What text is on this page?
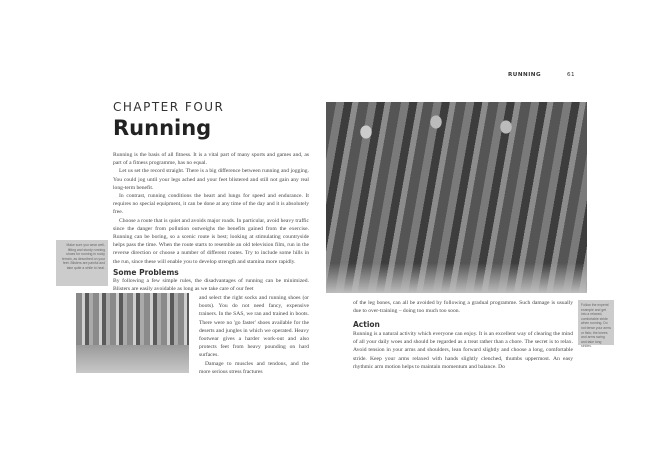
RUNNING	61
CHAPTER FOUR
Running

Running is the basis of all fitness. It is a vital part of many sports and games and, as part of a fitness programme, has no equal.

Let us set the record straight. There is a big difference between running and jogging. You could jog until your legs ached and your feet blistered and still not gain any real long-term benefit.

In contrast, running conditions the heart and lungs for speed and endurance. It requires no special equipment, it can be done at any time of the day and it is absolutely free.

Choose a route that is quiet and avoids major roads. In particular, avoid heavy traffic since the danger from pollution outweighs the benefits gained from the exercise. Running can be boring, so a scenic route is best; looking at stimulating countryside helps pass the time. When the route starts to resemble an old television film, run in the reverse direction or choose a number of different routes. Try to include some hills in the run, since these will enable you to develop strength and stamina more rapidly.

Make sure you wear well-fitting and sturdy running shoes for running in rocky terrain, as described on your feet. Blisters are painful and take quite a while to heal.
Some Problems
By following a few simple rules, the disadvantages of running can be minimized. Blisters are easily avoidable as long as we take care of our feet

and select the right socks and running shoes (or boots). You do not need fancy, expensive trainers. In the SAS, we ran and trained in boots. There were no 'go faster' shoes available for the deserts and jungles in which we operated. Heavy footwear gives a harder work-out and also protects feet from heavy pounding on hard surfaces.

Damage to muscles and tendons, and the more serious stress fractures

of the leg bones, can all be avoided by following a gradual programme. Such damage is usually due to over-training – doing too much too soon.
Action
Running is a natural activity which everyone can enjoy. It is an excellent way of clearing the mind of all your daily woes and should be regarded as a treat rather than a chore. The secret is to relax. Avoid tension in your arms and shoulders, lean forward slightly and choose a long, comfortable stride. Keep your arms relaxed with hands slightly clenched, thumbs uppermost. An easy rhythmic arm motion helps to maintain momentum and balance. Do
Follow the experts' example and get into a relaxed, comfortable stride when running. Do not tense your arms or fists; the knees and arms swing and take long strides.
